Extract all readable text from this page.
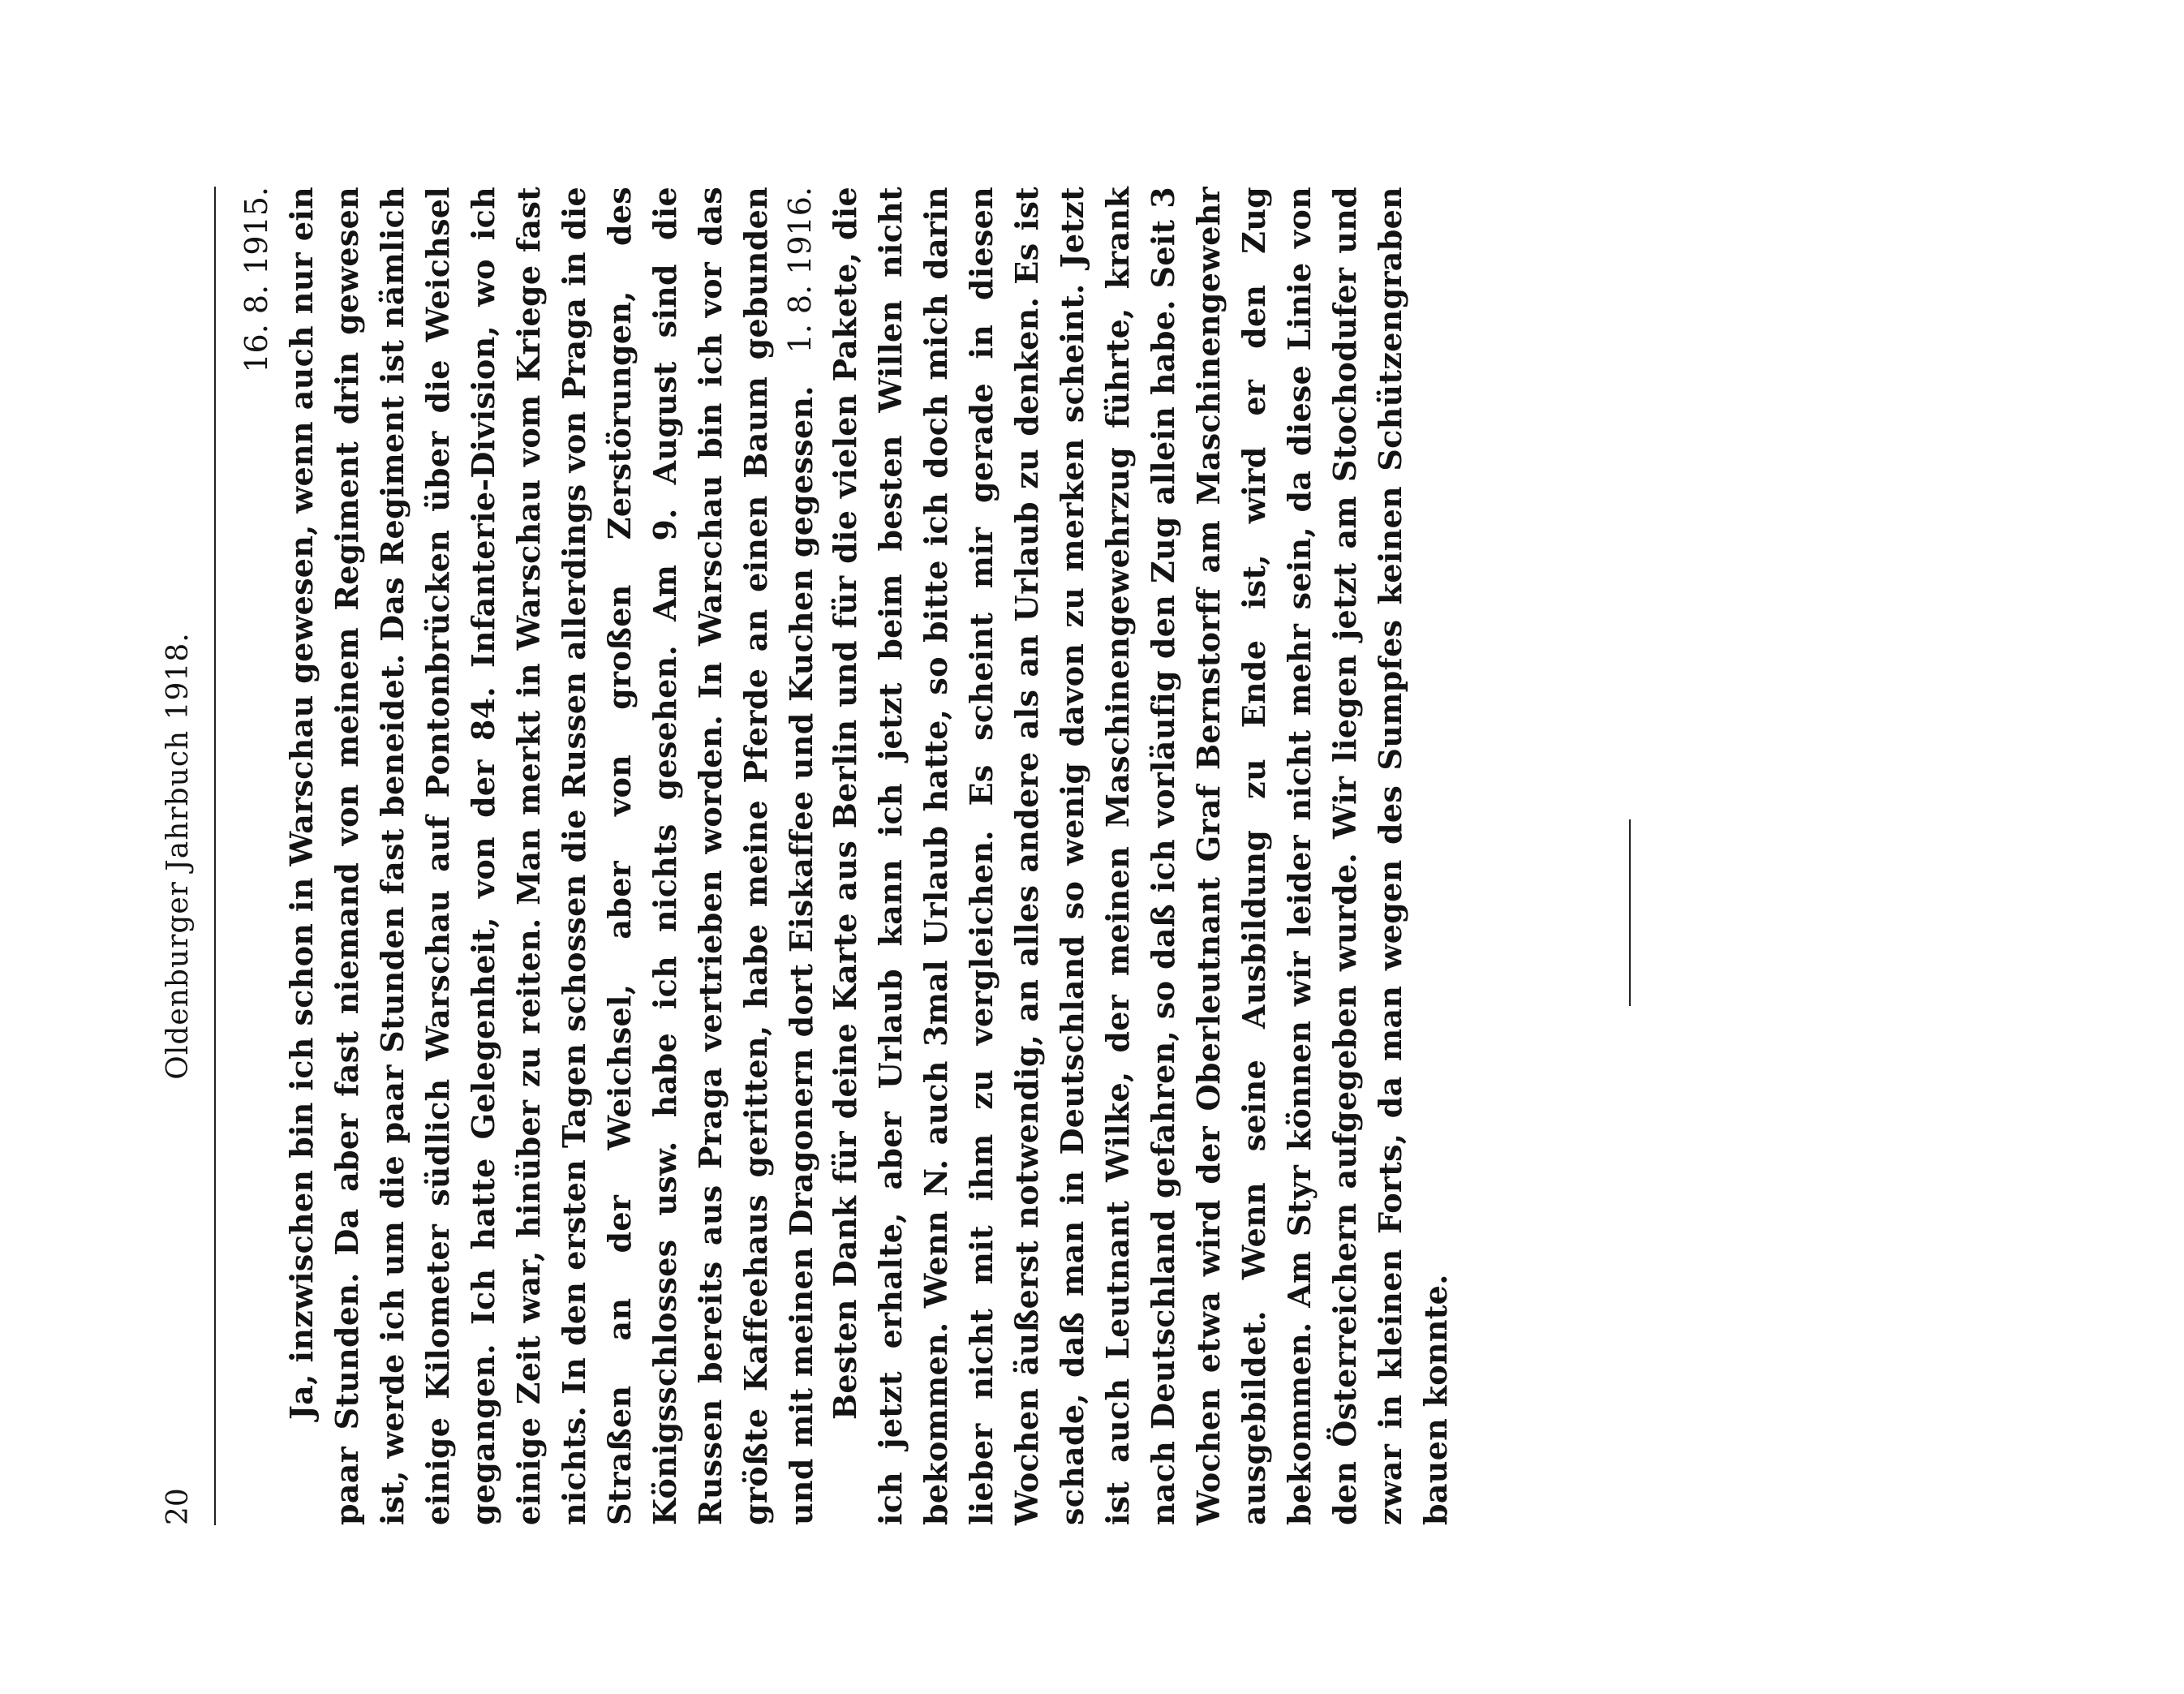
20
Oldenburger Jahrbuch 1918.

16. 8. 1915. Ja, inzwischen bin ich schon in Warschau gewesen, wenn auch nur ein paar Stunden. Da aber fast niemand von meinem Regiment drin gewesen ist, werde ich um die paar Stunden fast beneidet. Das Regiment ist nämlich einige Kilometer südlich Warschau auf Pontonbrücken über die Weichsel gegangen. Ich hatte Gelegenheit, von der 84. Infanterie-Division, wo ich einige Zeit war, hinüber zu reiten. Man merkt in Warschau vom Kriege fast nichts. In den ersten Tagen schossen die Russen allerdings von Praga in die Straßen an der Weichsel, aber von großen Zerstörungen, des Königsschlosses usw. habe ich nichts gesehen. Am 9. August sind die Russen bereits aus Praga vertrieben worden. In Warschau bin ich vor das größte Kaffeehaus geritten, habe meine Pferde an einen Baum gebunden und mit meinen Dragonern dort Eiskaffee und Kuchen gegessen.

1. 8. 1916. Besten Dank für deine Karte aus Berlin und für die vielen Pakete, die ich jetzt erhalte, aber Urlaub kann ich jetzt beim besten Willen nicht bekommen. Wenn N. auch 3mal Urlaub hatte, so bitte ich doch mich darin lieber nicht mit ihm zu vergleichen. Es scheint mir gerade in diesen Wochen äußerst notwendig, an alles andere als an Urlaub zu denken. Es ist schade, daß man in Deutschland so wenig davon zu merken scheint. Jetzt ist auch Leutnant Wilke, der meinen Maschinengewehrzug führte, krank nach Deutschland gefahren, so daß ich vorläufig den Zug allein habe. Seit 3 Wochen etwa wird der Oberleutnant Graf Bernstorff am Maschinengewehr ausgebildet. Wenn seine Ausbildung zu Ende ist, wird er den Zug bekommen. Am Styr können wir leider nicht mehr sein, da diese Linie von den Österreichern aufgegeben wurde. Wir liegen jetzt am Stochodufer und zwar in kleinen Forts, da man wegen des Sumpfes keinen Schützengraben bauen konnte.
